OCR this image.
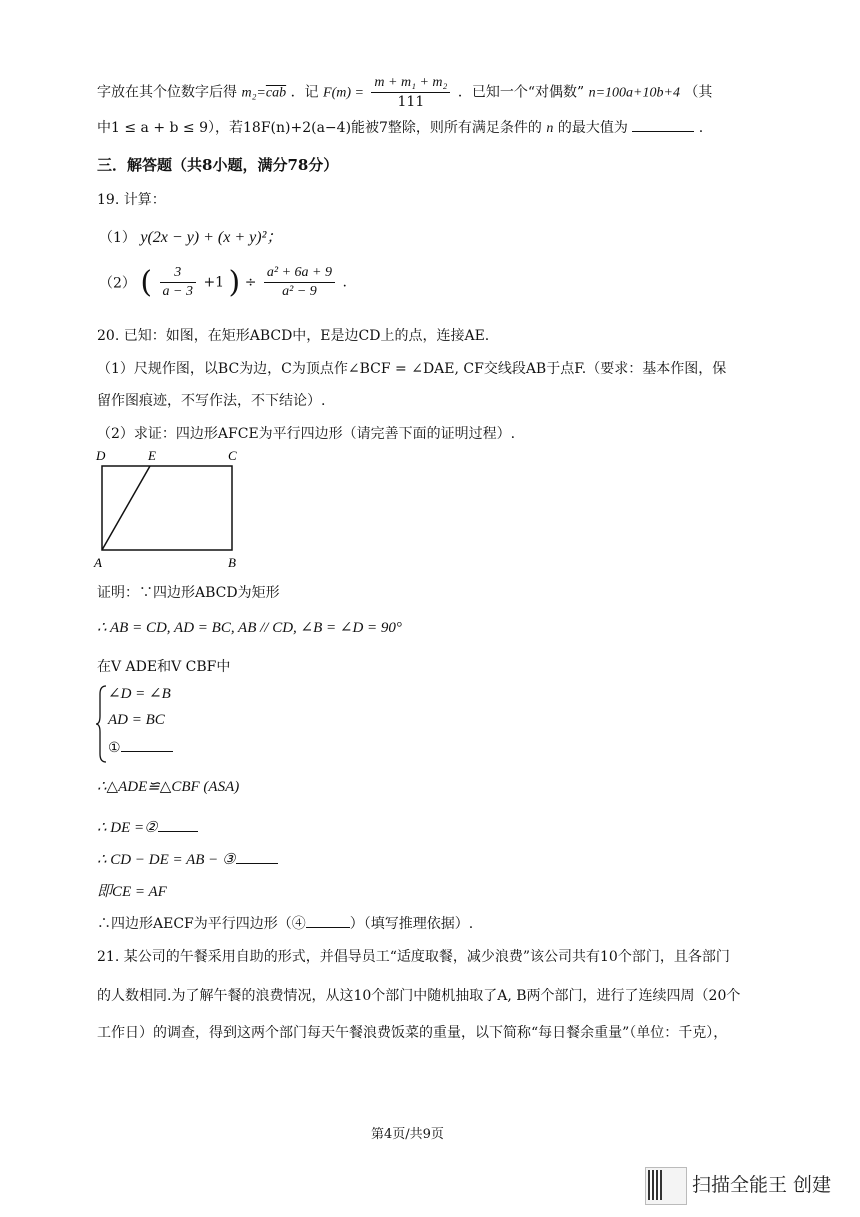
字放在其个位数字后得 $m_2=\overline{cab}$ ．记 $F(m) = \frac{\text{m + m₁ + m₂}}{111}$ ．已知一个“对偶数” n=100a+10b+4 （其
中1 ≤ a + b ≤ 9），若18F(n)+2(a−4)能被7整除，则所有满足条件的 n 的最大值为	.
三．解答题（共8小题，满分78分）
19. 计算：
（1） y(2x − y) + (x + y)²；
（2） ( $\frac{3}{a - 3} +1$ ) ÷ $\frac{\text{a² + 6a + 9}}{\text{a² − 9}}$ .
20. 已知：如图，在矩形ABCD中，E是边CD上的点，连接AE.
（1）尺规作图，以BC为边，C为顶点作∠BCF = ∠DAE, CF交线段AB于点F.（要求：基本作图，保
留作图痕迹，不写作法，不下结论）.
（2）求证：四边形AFCE为平行四边形（请完善下面的证明过程）.
D	E	C
A	B
证明：∵四边形ABCD为矩形
∴ AB = CD, AD = BC, AB // CD, ∠B = ∠D = 90°
在V ADE和V CBF中
∠D = ∠B
AD = BC
①
∴△ADE≌△CBF (ASA)
∴ DE =②
∴ CD − DE = AB − ③
即CE = AF
∴四边形AECF为平行四边形（④	）（填写推理依据）.
21. 某公司的午餐采用自助的形式，并倡导员工“适度取餐，减少浪费”该公司共有10个部门，且各部门
的人数相同.为了解午餐的浪费情况，从这10个部门中随机抽取了A, B两个部门，进行了连续四周（20个
工作日）的调查，得到这两个部门每天午餐浪费饭菜的重量，以下简称“每日餐余重量”（单位：千克），
第4页/共9页
扫描全能王 创建
